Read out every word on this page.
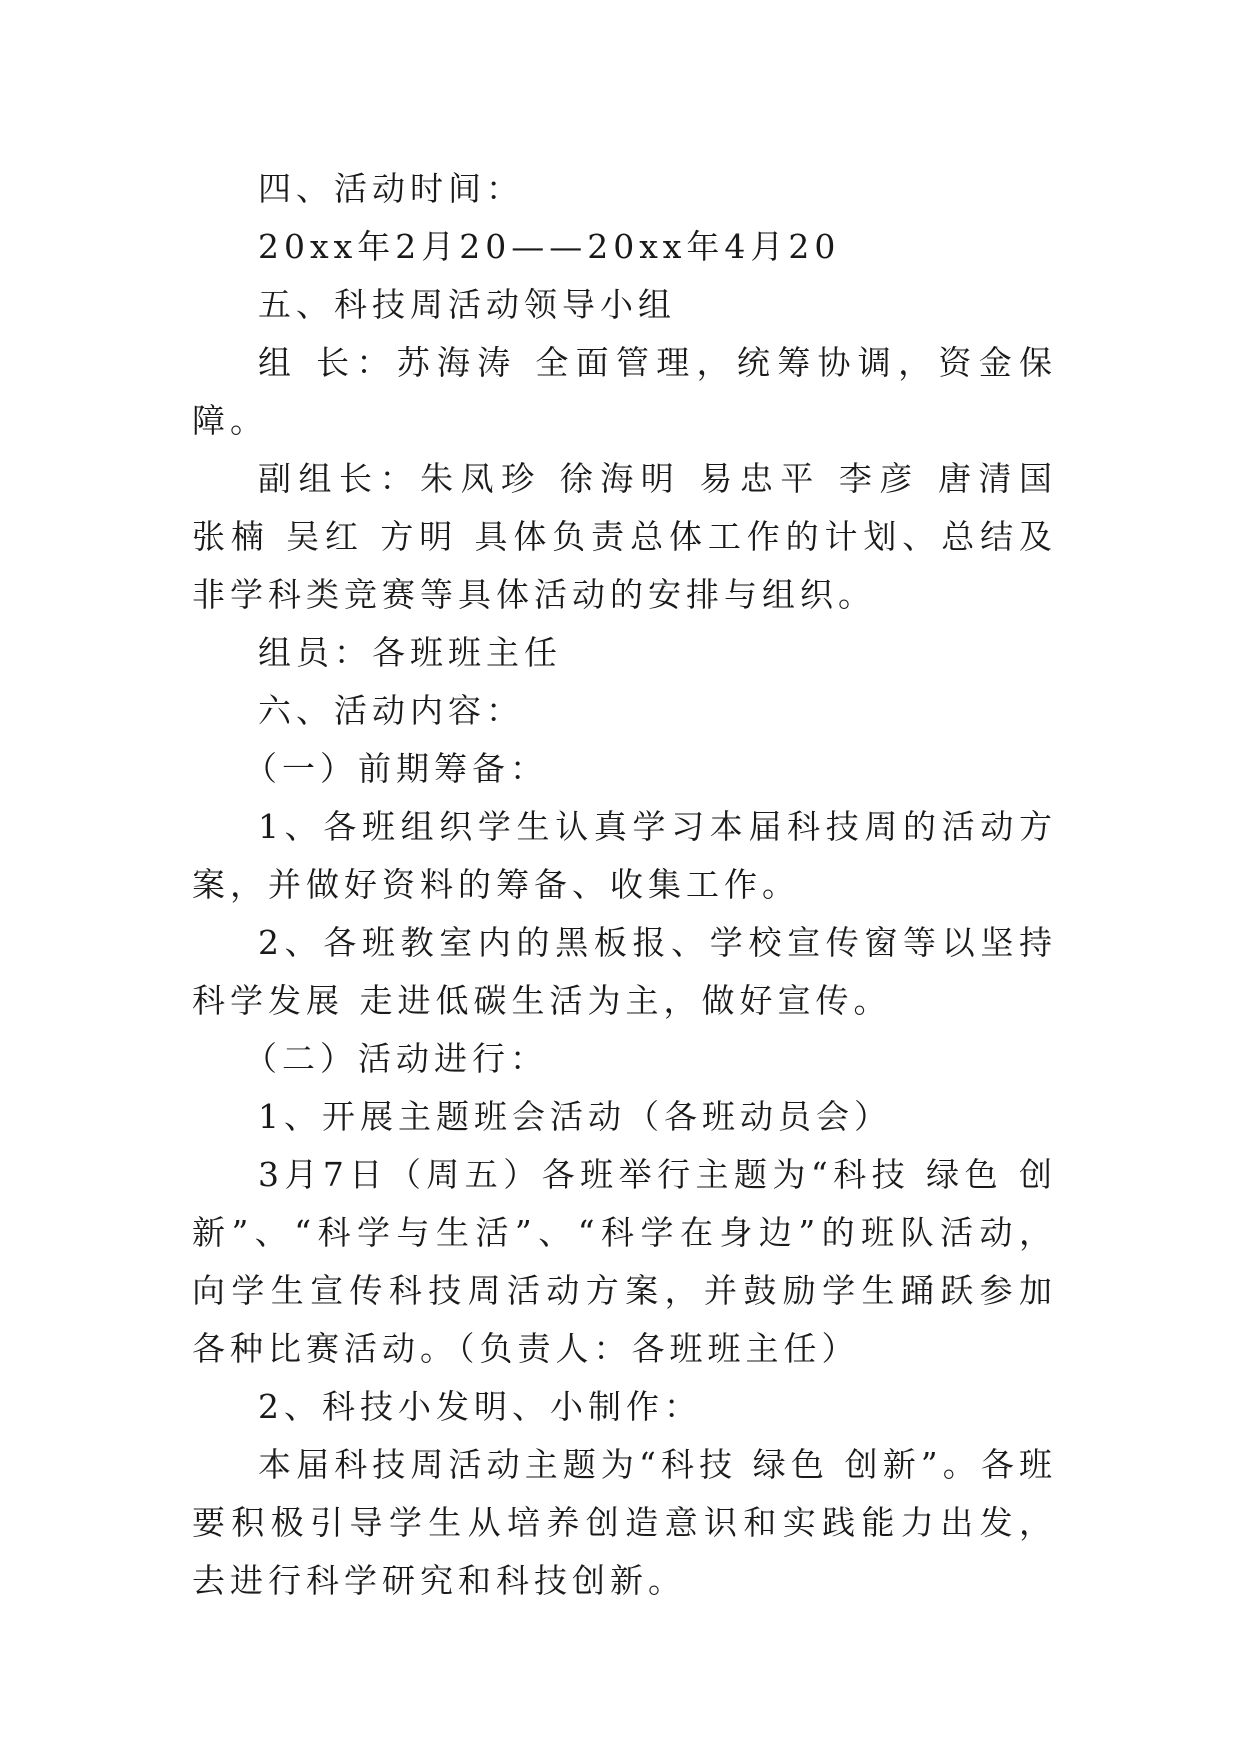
四、活动时间：

20xx年2月20——20xx年4月20

五、科技周活动领导小组

组 长：苏海涛 全面管理，统筹协调，资金保障。

副组长：朱凤珍 徐海明 易忠平 李彦 唐清国 张楠 吴红 方明 具体负责总体工作的计划、总结及非学科类竞赛等具体活动的安排与组织。

组员：各班班主任

六、活动内容：

（一）前期筹备：

1、各班组织学生认真学习本届科技周的活动方案，并做好资料的筹备、收集工作。

2、各班教室内的黑板报、学校宣传窗等以坚持科学发展 走进低碳生活为主，做好宣传。

（二）活动进行：

1、开展主题班会活动（各班动员会）

3月7日（周五）各班举行主题为“科技 绿色 创新”、“科学与生活”、“科学在身边”的班队活动，向学生宣传科技周活动方案，并鼓励学生踊跃参加各种比赛活动。（负责人：各班班主任）

2、科技小发明、小制作：

本届科技周活动主题为“科技 绿色 创新”。各班要积极引导学生从培养创造意识和实践能力出发，去进行科学研究和科技创新。
